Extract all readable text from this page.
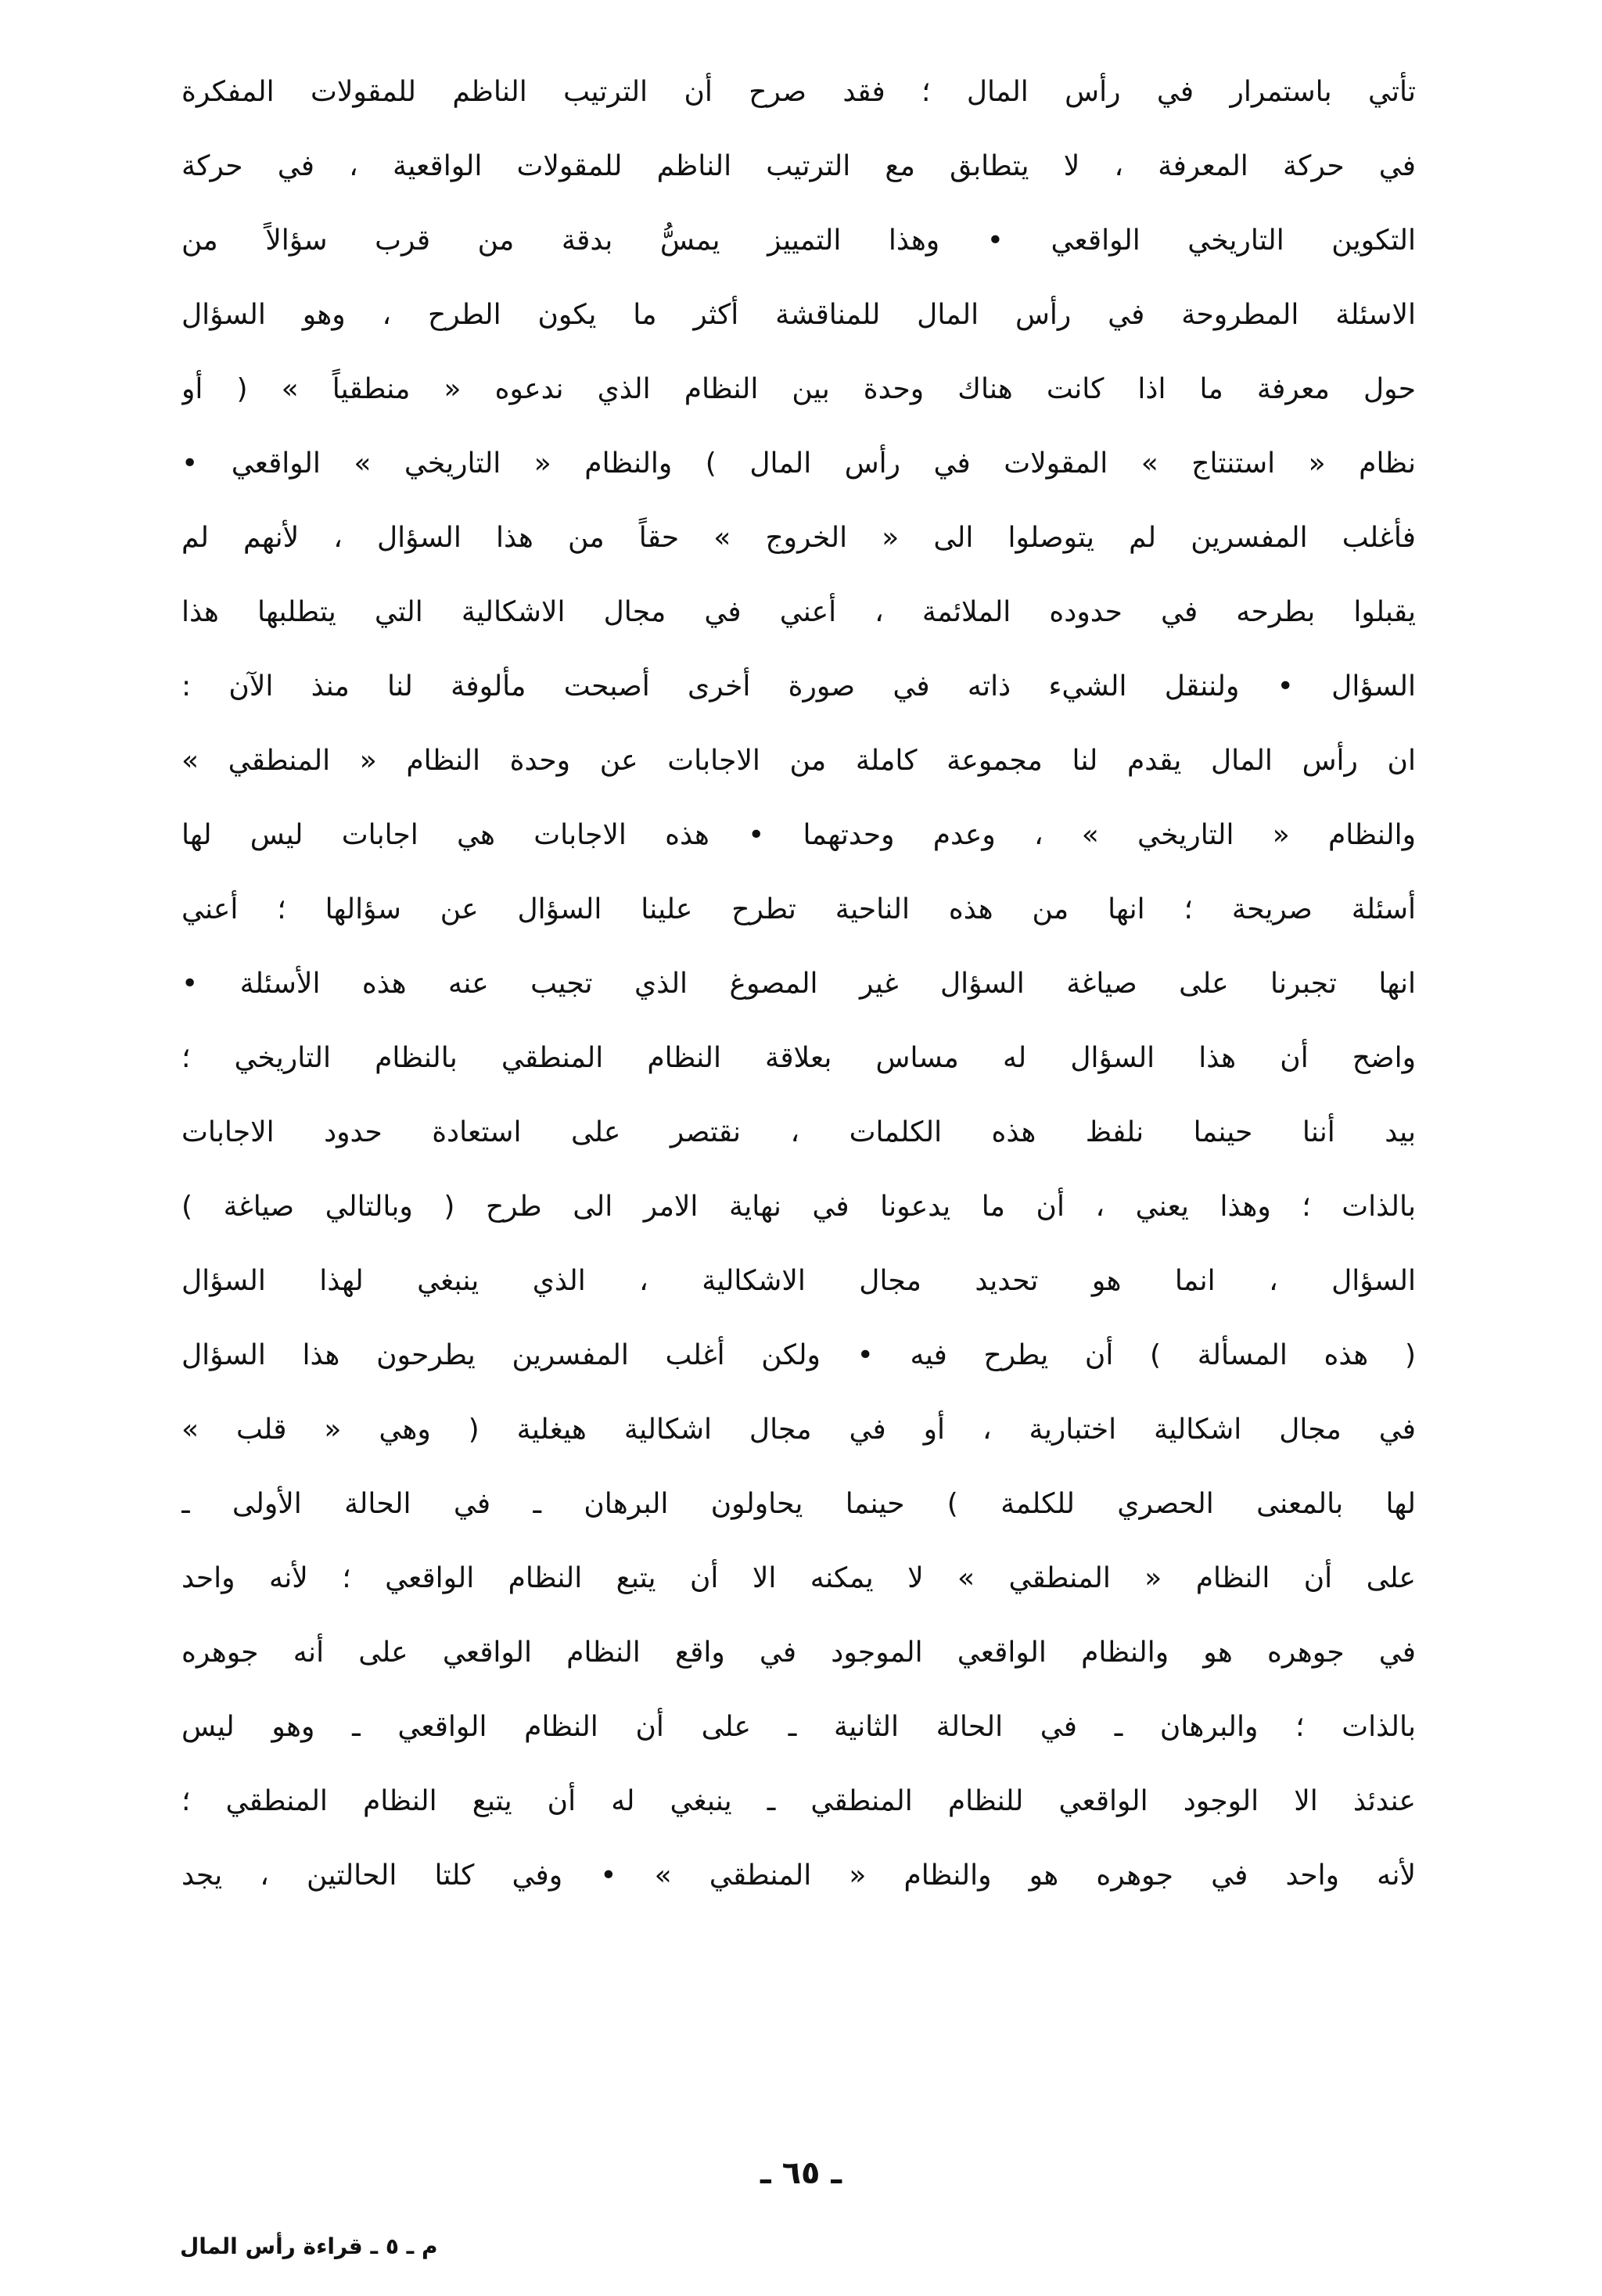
تأتي باستمرار في رأس المال ؛ فقد صرح أن الترتيب الناظم للمقولات المفكرة
في حركة المعرفة ، لا يتطابق مع الترتيب الناظم للمقولات الواقعية ، في حركة
التكوين التاريخي الواقعي • وهذا التمييز يمسُّ بدقة من قرب سؤالاً من
الاسئلة المطروحة في رأس المال للمناقشة أكثر ما يكون الطرح ، وهو السؤال
حول معرفة ما اذا كانت هناك وحدة بين النظام الذي ندعوه « منطقياً » ( أو
نظام « استنتاج » المقولات في رأس المال ) والنظام « التاريخي » الواقعي •
فأغلب المفسرين لم يتوصلوا الى « الخروج » حقاً من هذا السؤال ، لأنهم لم
يقبلوا بطرحه في حدوده الملائمة ، أعني في مجال الاشكالية التي يتطلبها هذا
السؤال • ولننقل الشيء ذاته في صورة أخرى أصبحت مألوفة لنا منذ الآن :
ان رأس المال يقدم لنا مجموعة كاملة من الاجابات عن وحدة النظام « المنطقي »
والنظام « التاريخي » ، وعدم وحدتهما • هذه الاجابات هي اجابات ليس لها
أسئلة صريحة ؛ انها من هذه الناحية تطرح علينا السؤال عن سؤالها ؛ أعني
انها تجبرنا على صياغة السؤال غير المصوغ الذي تجيب عنه هذه الأسئلة •
واضح أن هذا السؤال له مساس بعلاقة النظام المنطقي بالنظام التاريخي ؛
بيد أننا حينما نلفظ هذه الكلمات ، نقتصر على استعادة حدود الاجابات
بالذات ؛ وهذا يعني ، أن ما يدعونا في نهاية الامر الى طرح ( وبالتالي صياغة )
السؤال ، انما هو تحديد مجال الاشكالية ، الذي ينبغي لهذا السؤال
( هذه المسألة ) أن يطرح فيه • ولكن أغلب المفسرين يطرحون هذا السؤال
في مجال اشكالية اختبارية ، أو في مجال اشكالية هيغلية ( وهي « قلب »
لها بالمعنى الحصري للكلمة ) حينما يحاولون البرهان ـ في الحالة الأولى ـ
على أن النظام « المنطقي » لا يمكنه الا أن يتبع النظام الواقعي ؛ لأنه واحد
في جوهره هو والنظام الواقعي الموجود في واقع النظام الواقعي على أنه جوهره
بالذات ؛ والبرهان ـ في الحالة الثانية ـ على أن النظام الواقعي ـ وهو ليس
عندئذ الا الوجود الواقعي للنظام المنطقي ـ ينبغي له أن يتبع النظام المنطقي ؛
لأنه واحد في جوهره هو والنظام « المنطقي » • وفي كلتا الحالتين ، يجد
ـ ٦٥ ـ
م ـ ٥ ـ قراءة رأس المال
